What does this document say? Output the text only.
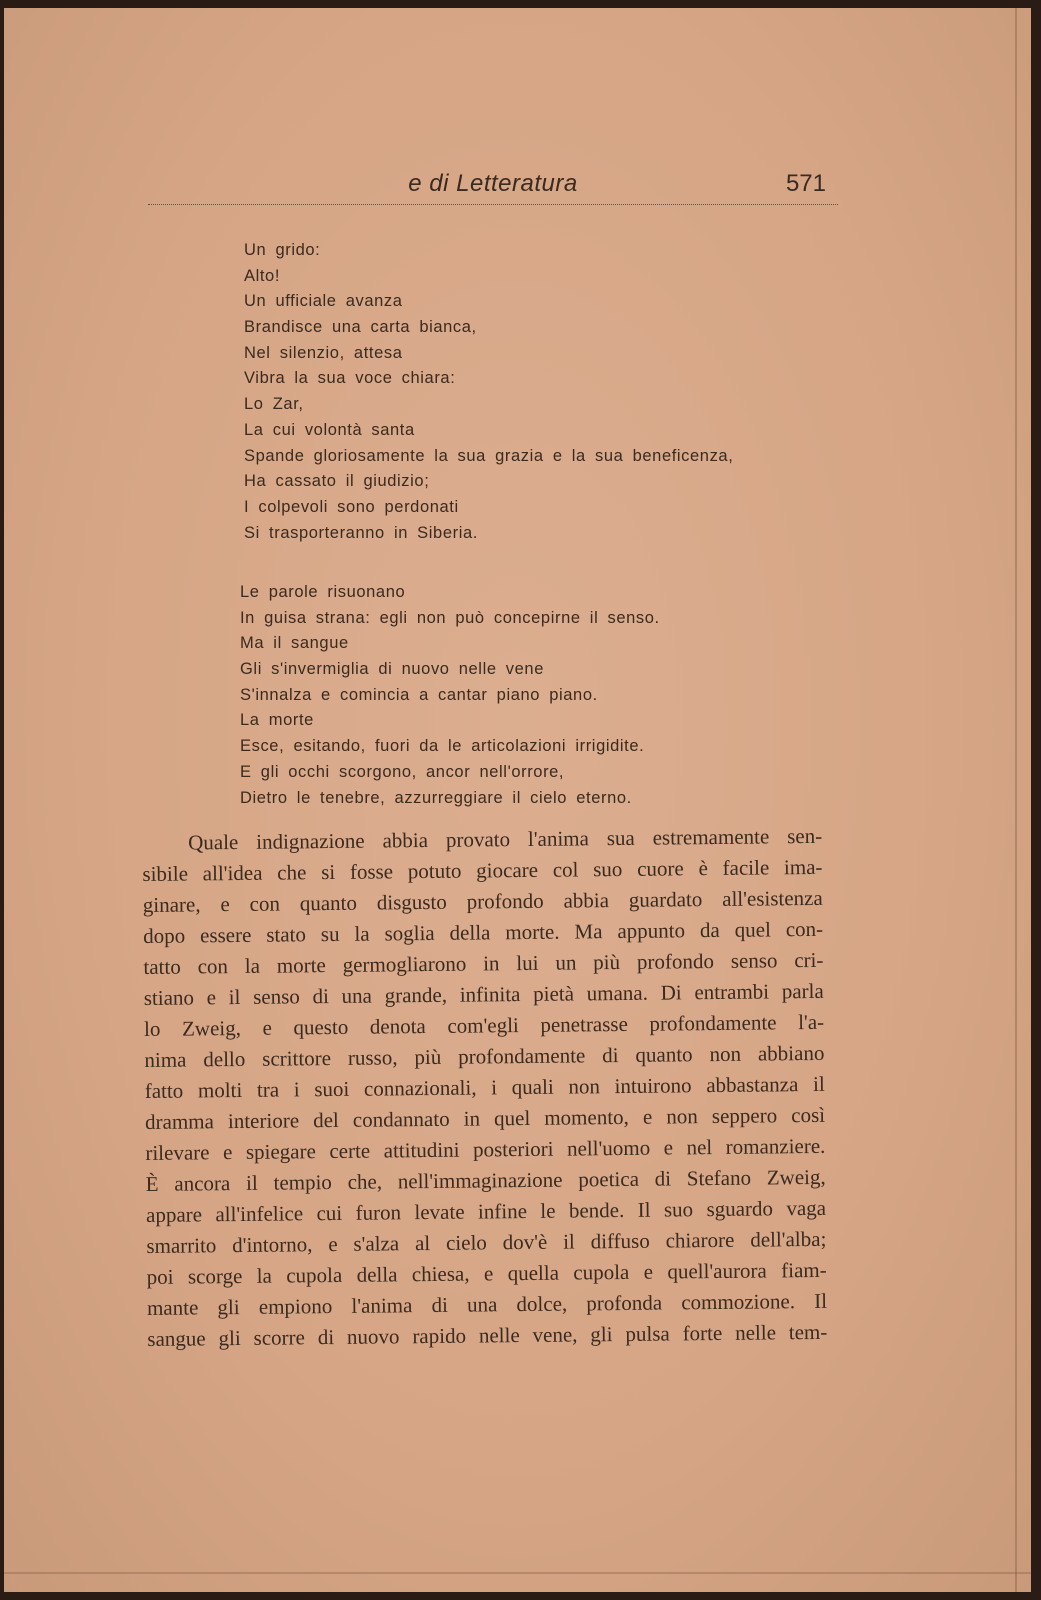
e di Letteratura	571
Un grido:
Alto!
Un ufficiale avanza
Brandisce una carta bianca,
Nel silenzio, attesa
Vibra la sua voce chiara:
Lo Zar,
La cui volontà santa
Spande gloriosamente la sua grazia e la sua beneficenza,
Ha cassato il giudizio;
I colpevoli sono perdonati
Si trasporteranno in Siberia.
Le parole risuonano
In guisa strana: egli non può concepirne il senso.
Ma il sangue
Gli s'invermiglia di nuovo nelle vene
S'innalza e comincia a cantar piano piano.
La morte
Esce, esitando, fuori da le articolazioni irrigidite.
E gli occhi scorgono, ancor nell'orrore,
Dietro le tenebre, azzurreggiare il cielo eterno.
Quale indignazione abbia provato l'anima sua estremamente sen-
sibile all'idea che si fosse potuto giocare col suo cuore è facile ima-
ginare, e con quanto disgusto profondo abbia guardato all'esistenza
dopo essere stato su la soglia della morte. Ma appunto da quel con-
tatto con la morte germogliarono in lui un più profondo senso cri-
stiano e il senso di una grande, infinita pietà umana. Di entrambi parla
lo Zweig, e questo denota com'egli penetrasse profondamente l'a-
nima dello scrittore russo, più profondamente di quanto non abbiano
fatto molti tra i suoi connazionali, i quali non intuirono abbastanza il
dramma interiore del condannato in quel momento, e non seppero così
rilevare e spiegare certe attitudini posteriori nell'uomo e nel romanziere.
È ancora il tempio che, nell'immaginazione poetica di Stefano Zweig,
appare all'infelice cui furon levate infine le bende. Il suo sguardo vaga
smarrito d'intorno, e s'alza al cielo dov'è il diffuso chiarore dell'alba;
poi scorge la cupola della chiesa, e quella cupola e quell'aurora fiam-
mante gli empiono l'anima di una dolce, profonda commozione. Il
sangue gli scorre di nuovo rapido nelle vene, gli pulsa forte nelle tem-
